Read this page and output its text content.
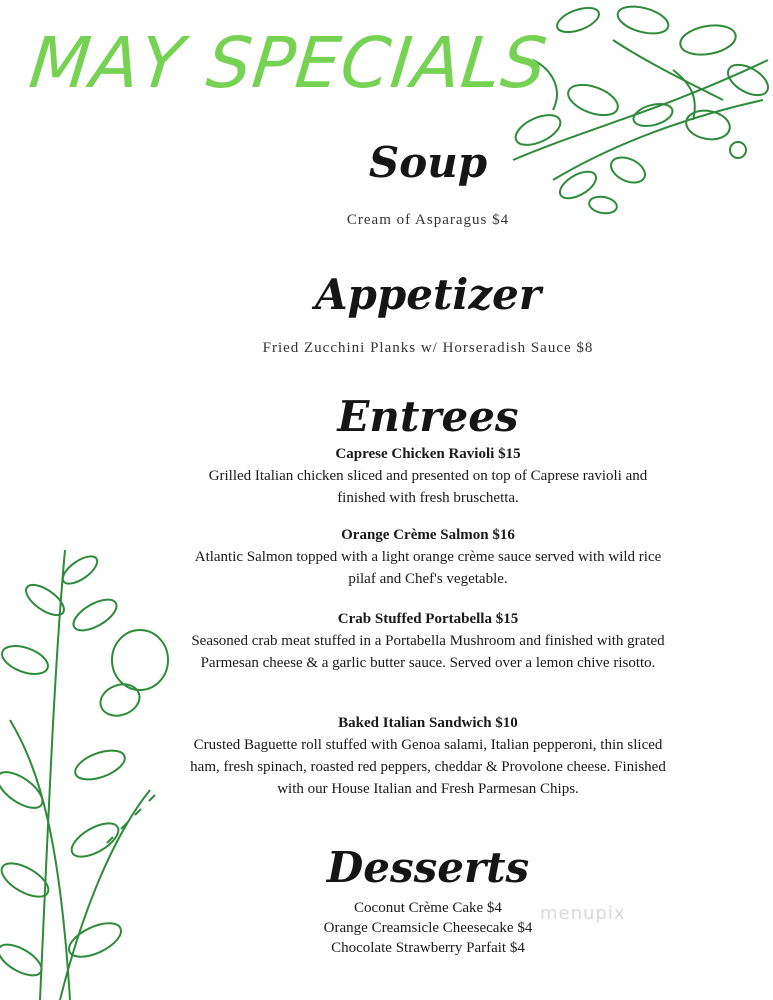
MAY SPECIALS
Soup
Cream of Asparagus $4
Appetizer
Fried Zucchini Planks w/ Horseradish Sauce $8
Entrees
Caprese Chicken Ravioli $15
Grilled Italian chicken sliced and presented on top of Caprese ravioli and finished with fresh bruschetta.
Orange Crème Salmon $16
Atlantic Salmon topped with a light orange crème sauce served with wild rice pilaf and Chef's vegetable.
Crab Stuffed Portabella $15
Seasoned crab meat stuffed in a Portabella Mushroom and finished with grated Parmesan cheese & a garlic butter sauce. Served over a lemon chive risotto.
Baked Italian Sandwich $10
Crusted Baguette roll stuffed with Genoa salami, Italian pepperoni, thin sliced ham, fresh spinach, roasted red peppers, cheddar & Provolone cheese. Finished with our House Italian and Fresh Parmesan Chips.
Desserts
Coconut Crème Cake $4
Orange Creamsicle Cheesecake $4
Chocolate Strawberry Parfait $4
menupix
